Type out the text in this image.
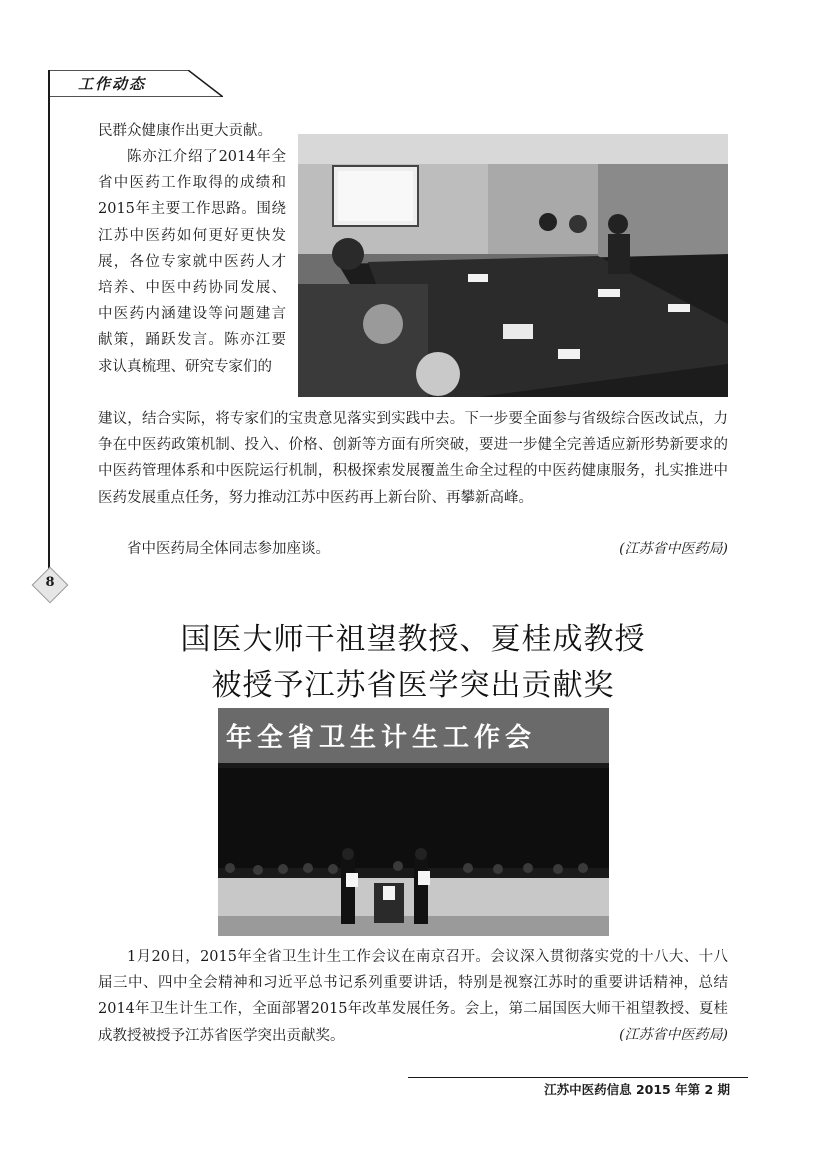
工作动态
8
民群众健康作出更大贡献。
陈亦江介绍了2014年全省中医药工作取得的成绩和2015年主要工作思路。围绕江苏中医药如何更好更快发展，各位专家就中医药人才培养、中医中药协同发展、中医药内涵建设等问题建言献策，踊跃发言。陈亦江要求认真梳理、研究专家们的
建议，结合实际，将专家们的宝贵意见落实到实践中去。下一步要全面参与省级综合医改试点，力争在中医药政策机制、投入、价格、创新等方面有所突破，要进一步健全完善适应新形势新要求的中医药管理体系和中医院运行机制，积极探索发展覆盖生命全过程的中医药健康服务，扎实推进中医药发展重点任务，努力推动江苏中医药再上新台阶、再攀新高峰。
省中医药局全体同志参加座谈。	(江苏省中医药局)
国医大师干祖望教授、夏桂成教授
被授予江苏省医学突出贡献奖
年全省卫生计生工作会
1月20日，2015年全省卫生计生工作会议在南京召开。会议深入贯彻落实党的十八大、十八届三中、四中全会精神和习近平总书记系列重要讲话，特别是视察江苏时的重要讲话精神，总结2014年卫生计生工作，全面部署2015年改革发展任务。会上，第二届国医大师干祖望教授、夏桂成教授被授予江苏省医学突出贡献奖。	(江苏省中医药局)
江苏中医药信息 2015 年第 2 期
